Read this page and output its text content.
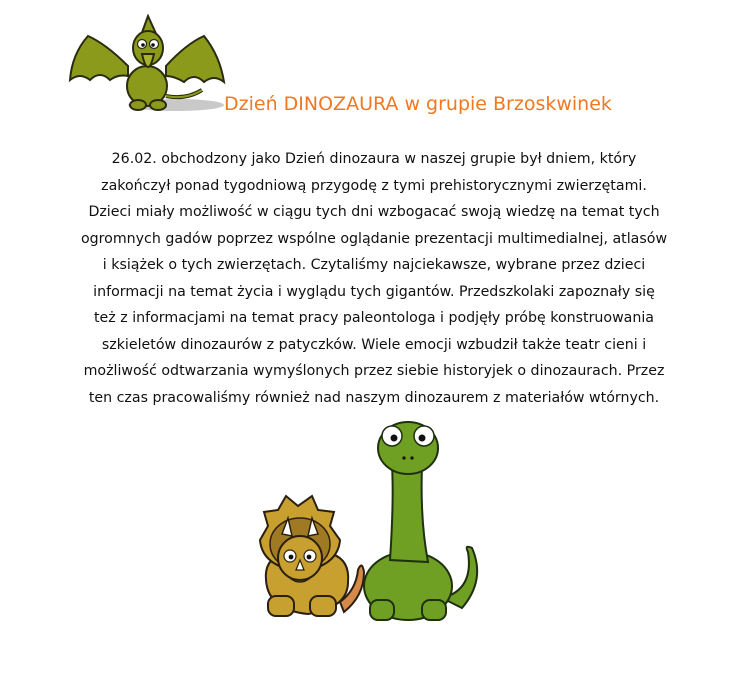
Dzień DINOZAURA w grupie Brzoskwinek
26.02. obchodzony jako Dzień dinozaura w naszej grupie był dniem, który
zakończył ponad tygodniową przygodę z tymi prehistorycznymi zwierzętami.
Dzieci miały możliwość w ciągu tych dni wzbogacać swoją wiedzę na temat tych
ogromnych gadów poprzez wspólne oglądanie prezentacji multimedialnej, atlasów
i książek o tych zwierzętach. Czytaliśmy najciekawsze, wybrane przez dzieci
informacji na temat życia i wyglądu tych gigantów. Przedszkolaki zapoznały się
też z informacjami na temat pracy paleontologa i podjęły próbę konstruowania
szkieletów dinozaurów z patyczków. Wiele emocji wzbudził także teatr cieni i
możliwość odtwarzania wymyślonych przez siebie historyjek o dinozaurach. Przez
ten czas pracowaliśmy również nad naszym dinozaurem z materiałów wtórnych.
